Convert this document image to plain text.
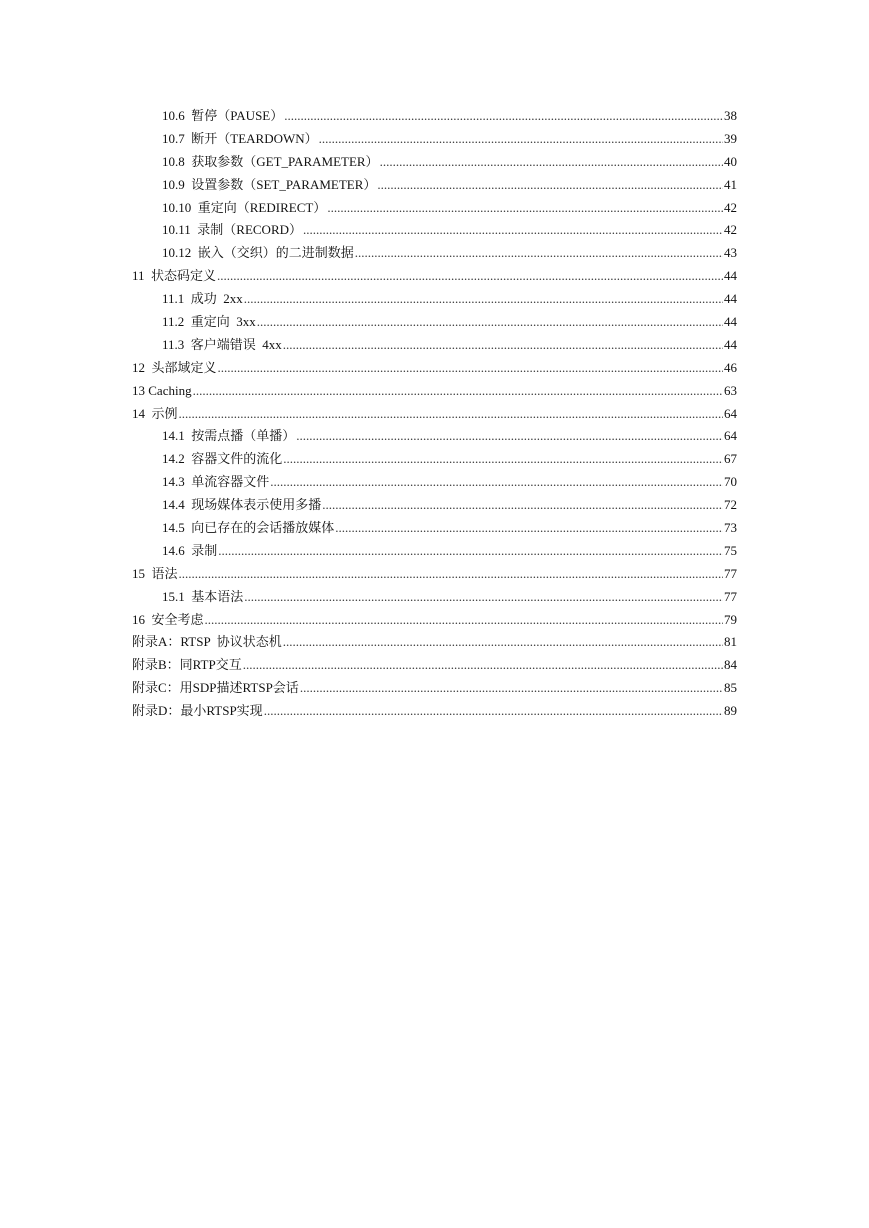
10.6  暂停（PAUSE） .....	38
10.7  断开（TEARDOWN） .....	39
10.8  获取参数（GET_PARAMETER） .....	40
10.9  设置参数（SET_PARAMETER） .....	41
10.10  重定向（REDIRECT） .....	42
10.11  录制（RECORD） .....	42
10.12  嵌入（交织）的二进制数据 .....	43
11  状态码定义 .....	44
11.1  成功  2xx .....	44
11.2  重定向  3xx .....	44
11.3  客户端错误  4xx .....	44
12  头部域定义 .....	46
13 Caching .....	63
14  示例 .....	64
14.1  按需点播（单播） .....	64
14.2  容器文件的流化 .....	67
14.3  单流容器文件 .....	70
14.4  现场媒体表示使用多播 .....	72
14.5  向已存在的会话播放媒体 .....	73
14.6  录制 .....	75
15  语法 .....	77
15.1  基本语法 .....	77
16  安全考虑 .....	79
附录A：RTSP  协议状态机 .....	81
附录B：同RTP交互 .....	84
附录C：用SDP描述RTSP会话 .....	85
附录D：最小RTSP实现 .....	89
